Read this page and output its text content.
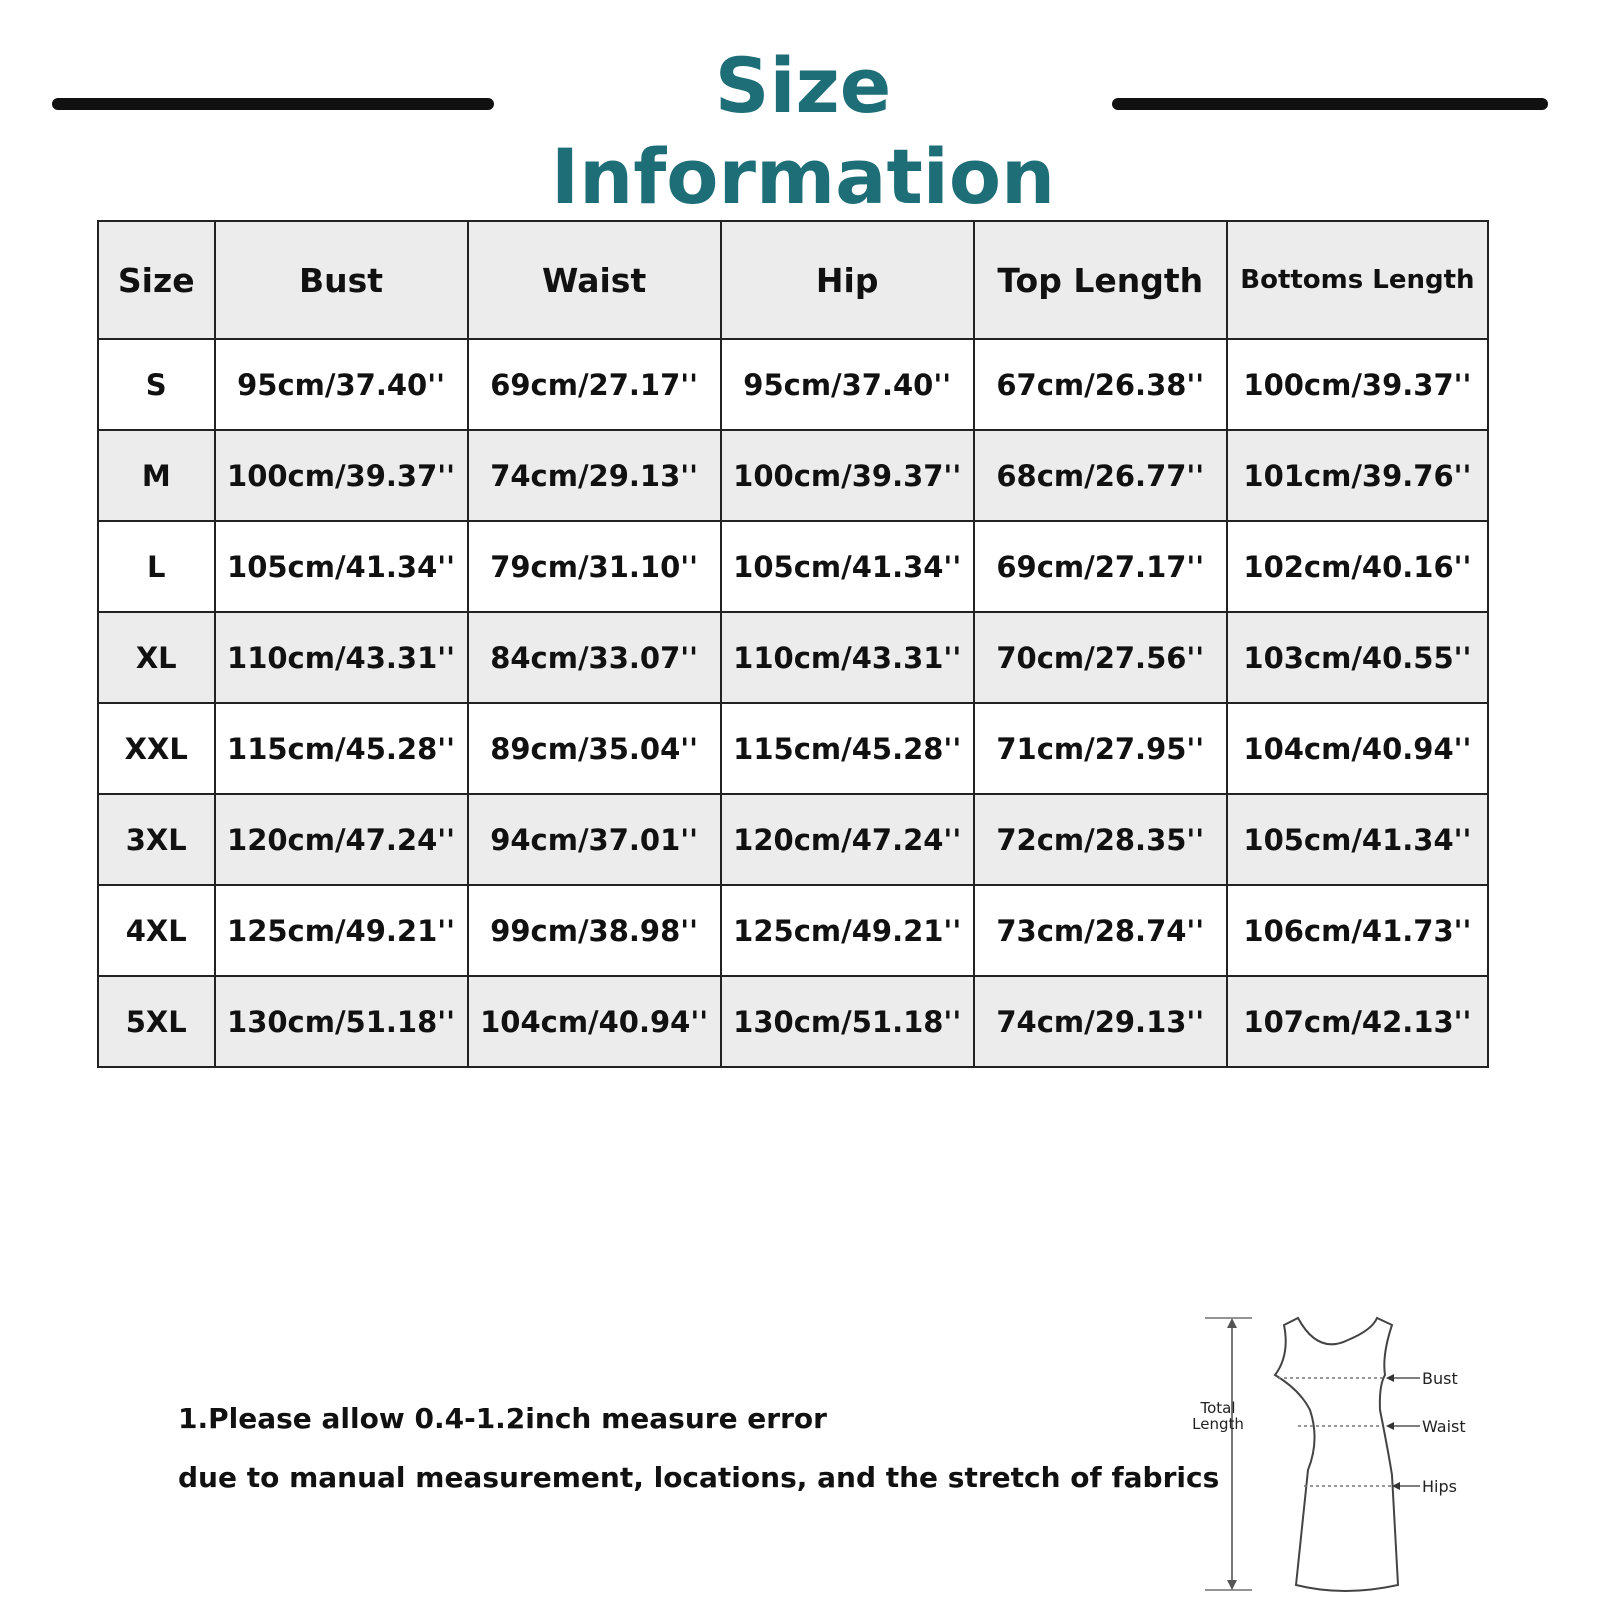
Size Information
Size	Bust	Waist	Hip	Top Length	Bottoms Length
S	95cm/37.40''	69cm/27.17''	95cm/37.40''	67cm/26.38''	100cm/39.37''
M	100cm/39.37''	74cm/29.13''	100cm/39.37''	68cm/26.77''	101cm/39.76''
L	105cm/41.34''	79cm/31.10''	105cm/41.34''	69cm/27.17''	102cm/40.16''
XL	110cm/43.31''	84cm/33.07''	110cm/43.31''	70cm/27.56''	103cm/40.55''
XXL	115cm/45.28''	89cm/35.04''	115cm/45.28''	71cm/27.95''	104cm/40.94''
3XL	120cm/47.24''	94cm/37.01''	120cm/47.24''	72cm/28.35''	105cm/41.34''
4XL	125cm/49.21''	99cm/38.98''	125cm/49.21''	73cm/28.74''	106cm/41.73''
5XL	130cm/51.18''	104cm/40.94''	130cm/51.18''	74cm/29.13''	107cm/42.13''
1.Please allow 0.4-1.2inch measure error
due to manual measurement, locations, and the stretch of fabrics
Total
Length
Bust
Waist
Hips
